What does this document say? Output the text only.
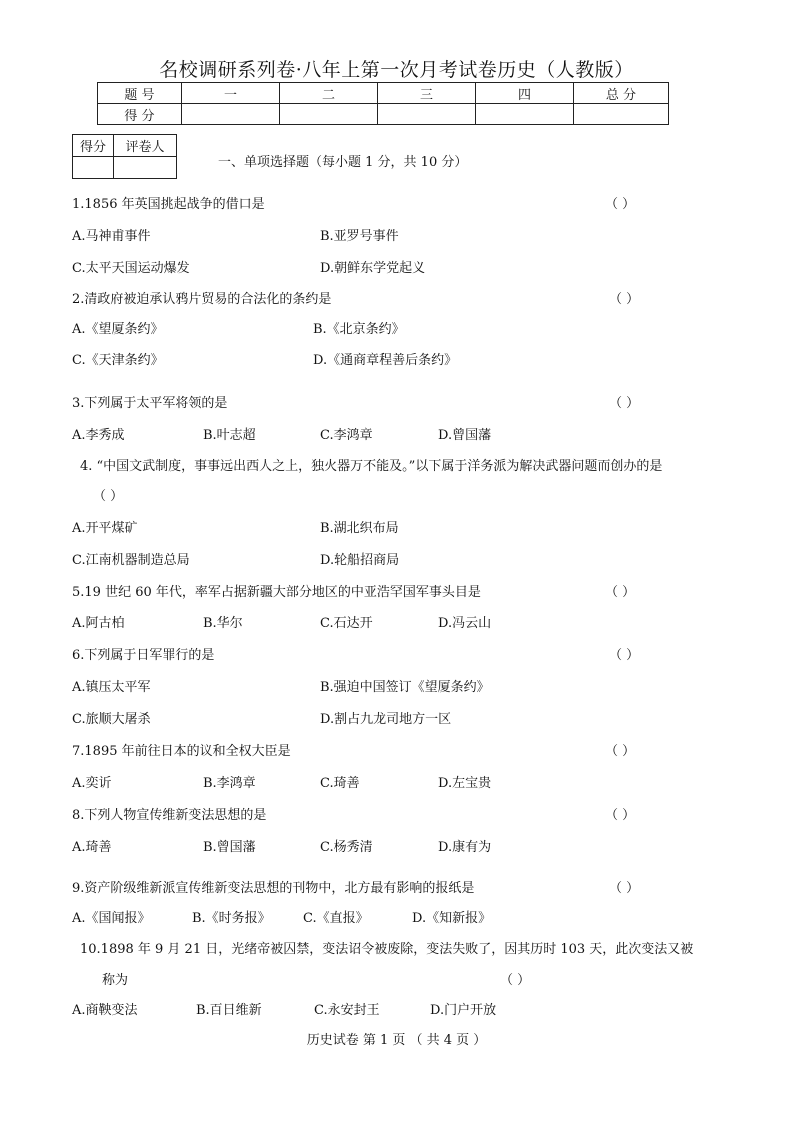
名校调研系列卷·八年上第一次月考试卷历史（人教版）
题 号	一	二	三	四	总 分
得 分					
得分	评卷人

一、单项选择题（每小题 1 分，共 10 分）
1.1856 年英国挑起战争的借口是	（ ）
A.马神甫事件	B.亚罗号事件
C.太平天国运动爆发	D.朝鲜东学党起义
2.清政府被迫承认鸦片贸易的合法化的条约是	（ ）
A.《望厦条约》	B.《北京条约》
C.《天津条约》	D.《通商章程善后条约》
3.下列属于太平军将领的是	（ ）
A.李秀成	B.叶志超	C.李鸿章	D.曾国藩
4. “中国文武制度，事事远出西人之上，独火器万不能及。”以下属于洋务派为解决武器问题而创办的是
（ ）
A.开平煤矿	B.湖北织布局
C.江南机器制造总局	D.轮船招商局
5.19 世纪 60 年代，率军占据新疆大部分地区的中亚浩罕国军事头目是	（ ）
A.阿古柏	B.华尔	C.石达开	D.冯云山
6.下列属于日军罪行的是	（ ）
A.镇压太平军	B.强迫中国签订《望厦条约》
C.旅顺大屠杀	D.割占九龙司地方一区
7.1895 年前往日本的议和全权大臣是	（ ）
A.奕䜣	B.李鸿章	C.琦善	D.左宝贵
8.下列人物宣传维新变法思想的是	（ ）
A.琦善	B.曾国藩	C.杨秀清	D.康有为
9.资产阶级维新派宣传维新变法思想的刊物中，北方最有影响的报纸是	（ ）
A.《国闻报》	B.《时务报》 C.《直报》	D.《知新报》
10.1898 年 9 月 21 日，光绪帝被囚禁，变法诏令被废除，变法失败了，因其历时 103 天，此次变法又被
称为	（ ）
A.商鞅变法	B.百日维新	C.永安封王	D.门户开放
历史试卷 第 1 页 （ 共 4 页 ）
